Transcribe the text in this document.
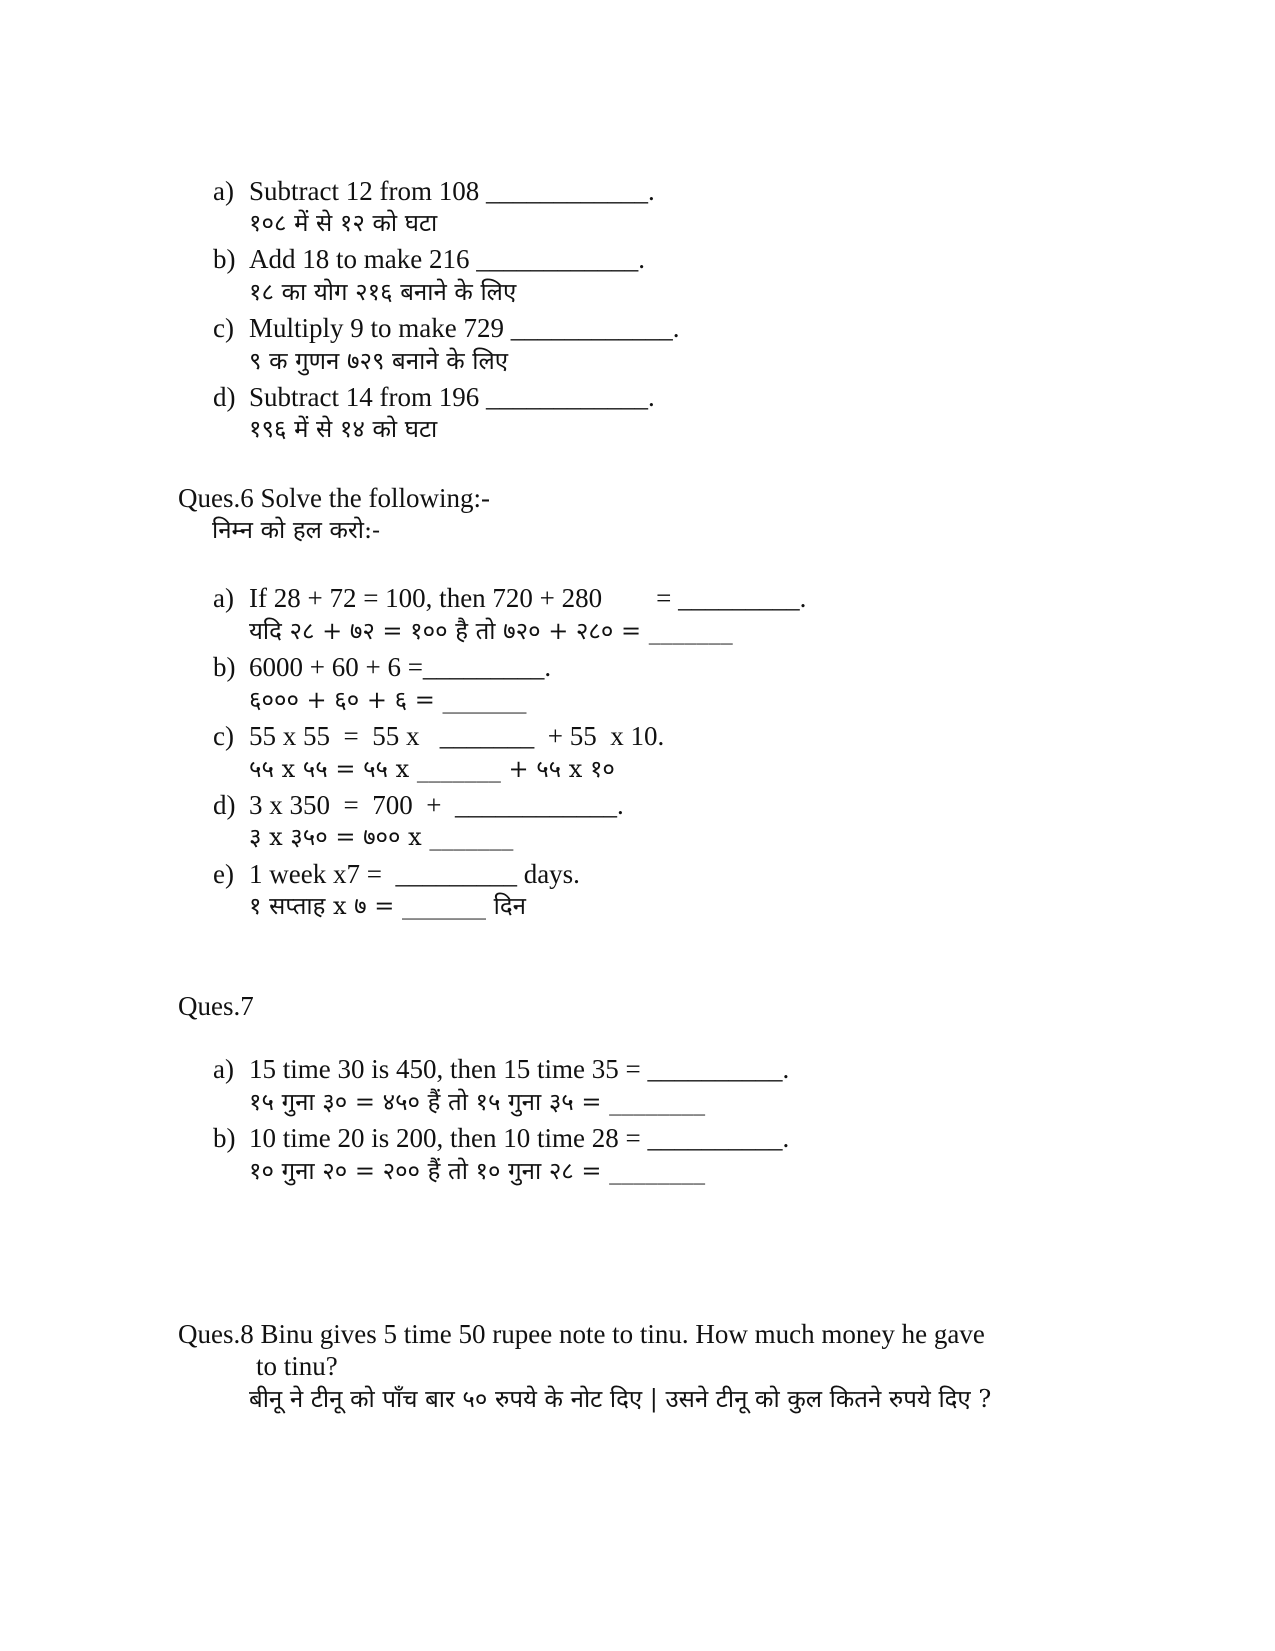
a) Subtract 12 from 108 ____________.
१०८ में से १२ को घटा
b) Add 18 to make 216 ____________.
१८ का योग २१६ बनाने के लिए
c) Multiply 9 to make 729 ____________.
९ क गुणन ७२९ बनाने के लिए
d) Subtract 14 from 196 ____________.
१९६ में से १४ को घटा
Ques.6 Solve the following:-
निम्न को हल करो:-
a) If 28 + 72 = 100, then 720 + 280        = _________.
यदि २८ + ७२ = १०० है तो ७२० + २८० = _______
b) 6000 + 60 + 6 =_________.
६००० + ६० + ६ = _______
c) 55 x 55  =  55 x   _______  + 55  x 10.
५५ x ५५ = ५५ x _______ + ५५ x १०
d) 3 x 350  =  700  +  ____________.
३ x ३५० = ७०० x _______
e) 1 week x7 =  _________ days.
१ सप्ताह x ७ = _______ दिन
Ques.7
a) 15 time 30 is 450, then 15 time 35 = __________.
१५ गुना ३० = ४५० हैं तो १५ गुना ३५ = ________
b) 10 time 20 is 200, then 10 time 28 = __________.
१० गुना २० = २०० हैं तो १० गुना २८ = ________
Ques.8 Binu gives 5 time 50 rupee note to tinu. How much money he gave
to tinu?
बीनू ने टीनू को पाँच बार ५० रुपये के नोट दिए | उसने टीनू को कुल कितने रुपये दिए ?
